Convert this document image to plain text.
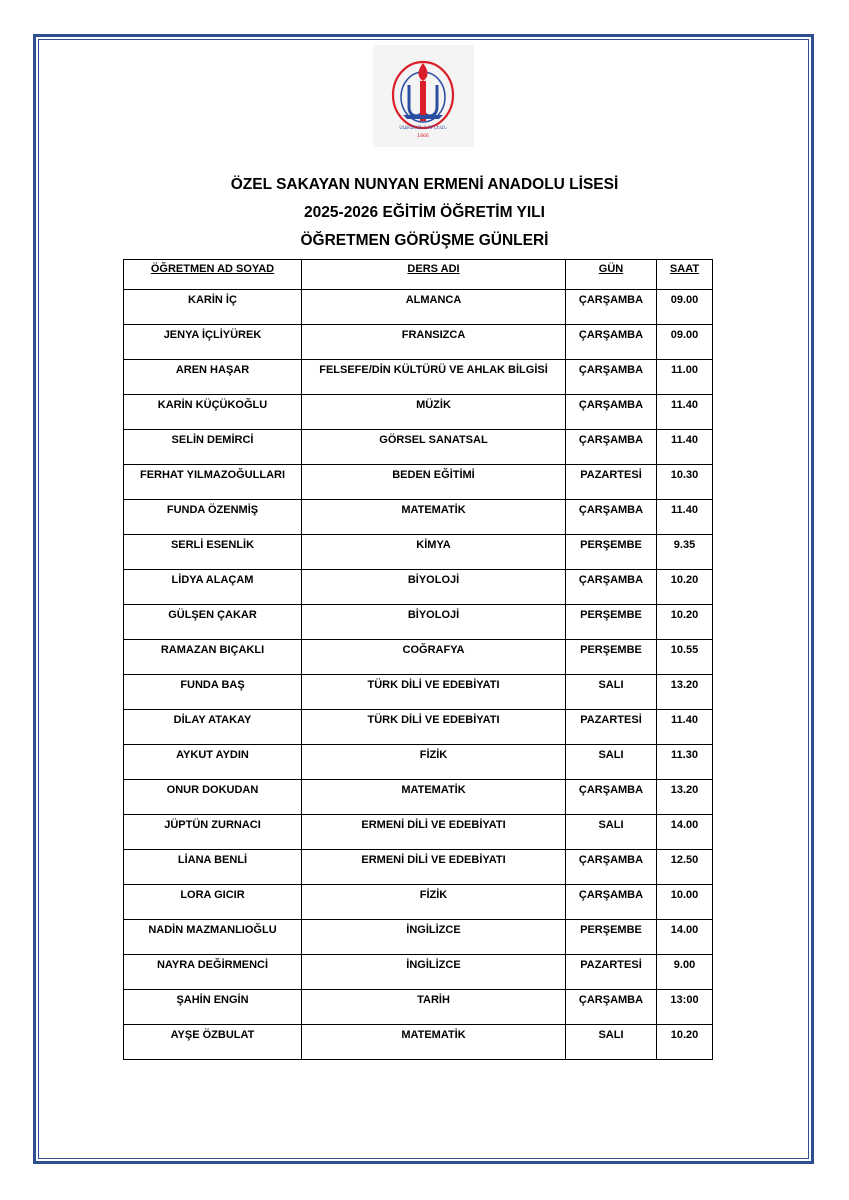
ՍԱՔԱԵԱՆ ՆՈՒՆԵԱՆ
1866
ÖZEL SAKAYAN NUNYAN ERMENİ ANADOLU LİSESİ
2025-2026 EĞİTİM ÖĞRETİM YILI
ÖĞRETMEN GÖRÜŞME GÜNLERİ
ÖĞRETMEN AD SOYAD	DERS ADI	GÜN	SAAT
KARİN İÇ	ALMANCA	ÇARŞAMBA	09.00
JENYA İÇLİYÜREK	FRANSIZCA	ÇARŞAMBA	09.00
AREN HAŞAR	FELSEFE/DİN KÜLTÜRÜ VE AHLAK BİLGİSİ	ÇARŞAMBA	11.00
KARİN KÜÇÜKOĞLU	MÜZİK	ÇARŞAMBA	11.40
SELİN DEMİRCİ	GÖRSEL SANATSAL	ÇARŞAMBA	11.40
FERHAT YILMAZOĞULLARI	BEDEN EĞİTİMİ	PAZARTESİ	10.30
FUNDA ÖZENMİŞ	MATEMATİK	ÇARŞAMBA	11.40
SERLİ ESENLİK	KİMYA	PERŞEMBE	9.35
LİDYA ALAÇAM	BİYOLOJİ	ÇARŞAMBA	10.20
GÜLŞEN ÇAKAR	BİYOLOJİ	PERŞEMBE	10.20
RAMAZAN BIÇAKLI	COĞRAFYA	PERŞEMBE	10.55
FUNDA BAŞ	TÜRK DİLİ VE EDEBİYATI	SALI	13.20
DİLAY ATAKAY	TÜRK DİLİ VE EDEBİYATI	PAZARTESİ	11.40
AYKUT AYDIN	FİZİK	SALI	11.30
ONUR DOKUDAN	MATEMATİK	ÇARŞAMBA	13.20
JÜPTÜN ZURNACI	ERMENİ DİLİ VE EDEBİYATI	SALI	14.00
LİANA BENLİ	ERMENİ DİLİ VE EDEBİYATI	ÇARŞAMBA	12.50
LORA GICIR	FİZİK	ÇARŞAMBA	10.00
NADİN MAZMANLIOĞLU	İNGİLİZCE	PERŞEMBE	14.00
NAYRA DEĞİRMENCİ	İNGİLİZCE	PAZARTESİ	9.00
ŞAHİN ENGİN	TARİH	ÇARŞAMBA	13:00
AYŞE ÖZBULAT	MATEMATİK	SALI	10.20
